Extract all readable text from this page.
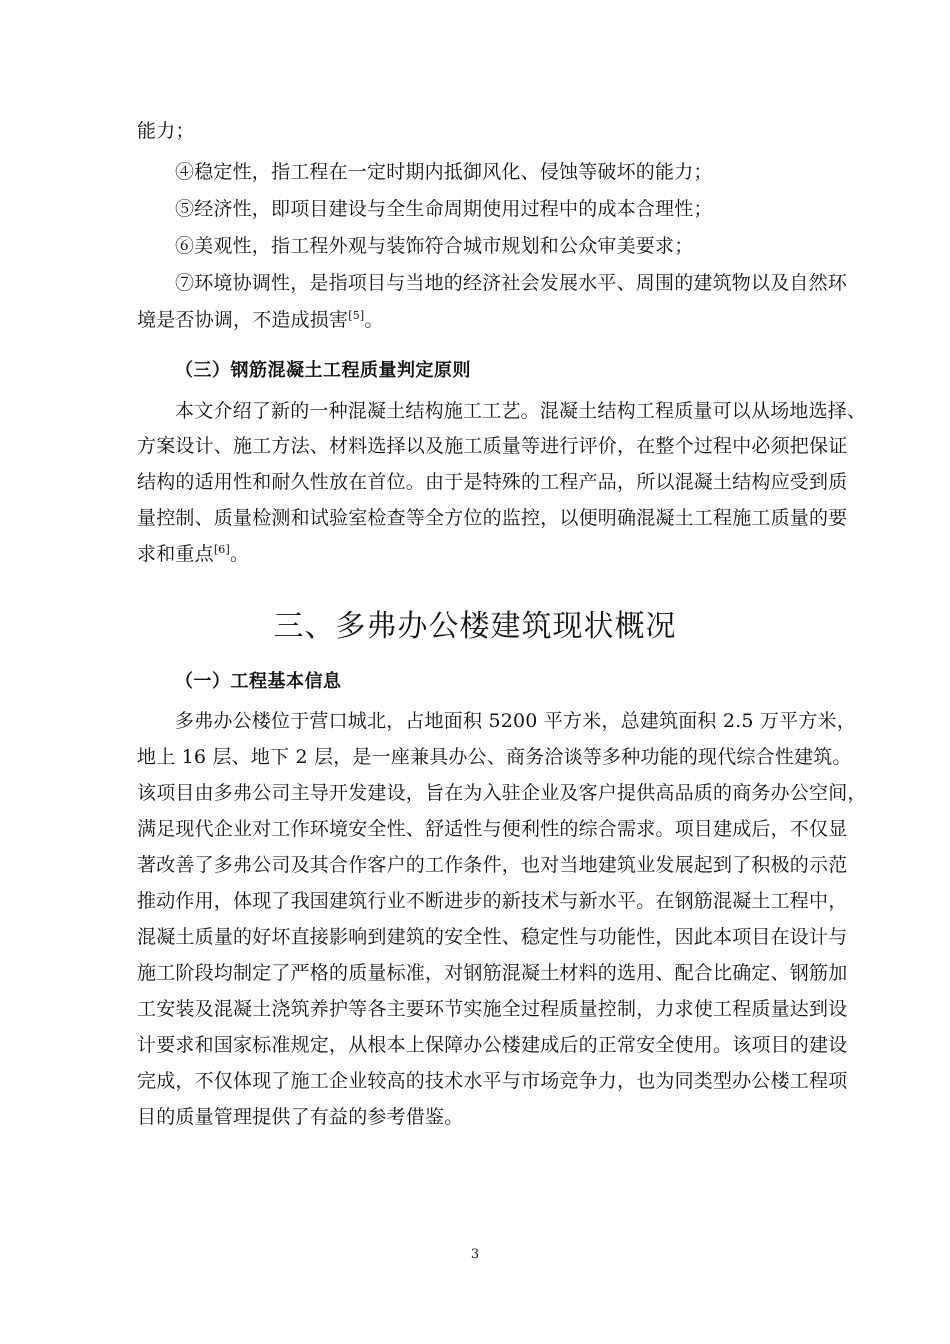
能力；
④稳定性，指工程在一定时期内抵御风化、侵蚀等破坏的能力；
⑤经济性，即项目建设与全生命周期使用过程中的成本合理性；
⑥美观性，指工程外观与装饰符合城市规划和公众审美要求；
⑦环境协调性，是指项目与当地的经济社会发展水平、周围的建筑物以及自然环
境是否协调，不造成损害[5]。
（三）钢筋混凝土工程质量判定原则
本文介绍了新的一种混凝土结构施工工艺。混凝土结构工程质量可以从场地选择、
方案设计、施工方法、材料选择以及施工质量等进行评价，在整个过程中必须把保证
结构的适用性和耐久性放在首位。由于是特殊的工程产品，所以混凝土结构应受到质
量控制、质量检测和试验室检查等全方位的监控，以便明确混凝土工程施工质量的要
求和重点[6]。
三、多弗办公楼建筑现状概况
（一）工程基本信息
多弗办公楼位于营口城北，占地面积 5200 平方米，总建筑面积 2.5 万平方米，
地上 16 层、地下 2 层，是一座兼具办公、商务洽谈等多种功能的现代综合性建筑。
该项目由多弗公司主导开发建设，旨在为入驻企业及客户提供高品质的商务办公空间，
满足现代企业对工作环境安全性、舒适性与便利性的综合需求。项目建成后，不仅显
著改善了多弗公司及其合作客户的工作条件，也对当地建筑业发展起到了积极的示范
推动作用，体现了我国建筑行业不断进步的新技术与新水平。在钢筋混凝土工程中，
混凝土质量的好坏直接影响到建筑的安全性、稳定性与功能性，因此本项目在设计与
施工阶段均制定了严格的质量标准，对钢筋混凝土材料的选用、配合比确定、钢筋加
工安装及混凝土浇筑养护等各主要环节实施全过程质量控制，力求使工程质量达到设
计要求和国家标准规定，从根本上保障办公楼建成后的正常安全使用。该项目的建设
完成，不仅体现了施工企业较高的技术水平与市场竞争力，也为同类型办公楼工程项
目的质量管理提供了有益的参考借鉴。
3
